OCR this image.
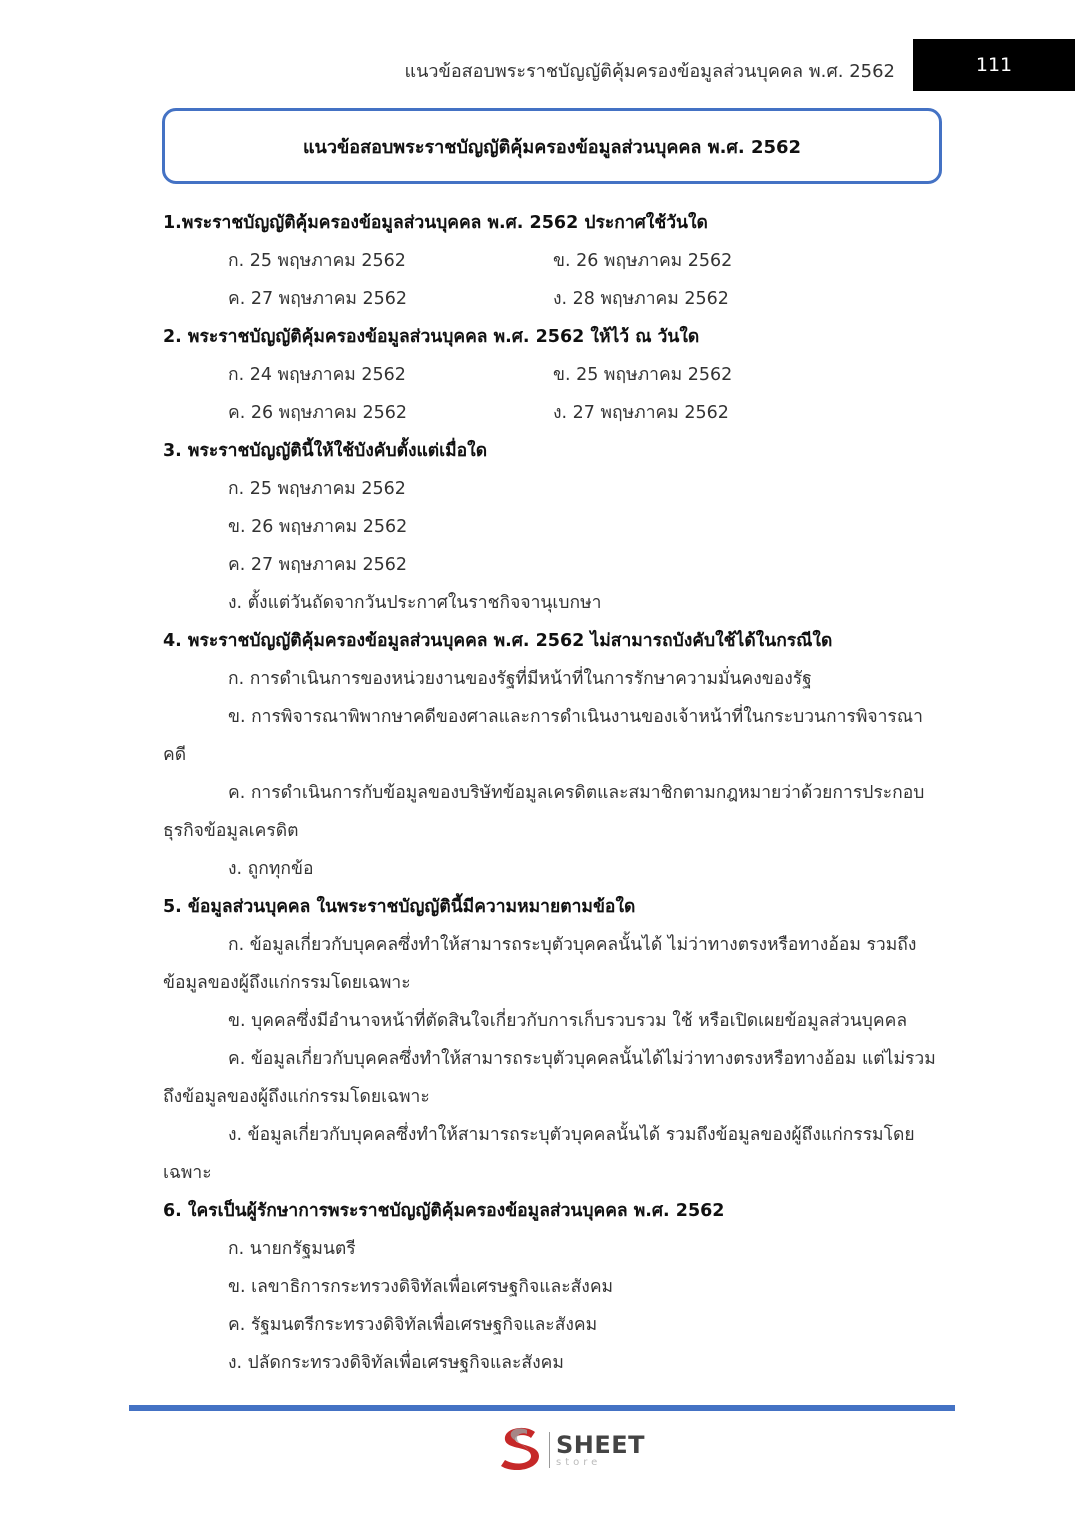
แนวข้อสอบพระราชบัญญัติคุ้มครองข้อมูลส่วนบุคคล พ.ศ. 2562	111
แนวข้อสอบพระราชบัญญัติคุ้มครองข้อมูลส่วนบุคคล พ.ศ. 2562
1.พระราชบัญญัติคุ้มครองข้อมูลส่วนบุคคล พ.ศ. 2562 ประกาศใช้วันใด
ก. 25 พฤษภาคม 2562	ข. 26 พฤษภาคม 2562
ค. 27 พฤษภาคม 2562	ง. 28 พฤษภาคม 2562
2. พระราชบัญญัติคุ้มครองข้อมูลส่วนบุคคล พ.ศ. 2562 ให้ไว้ ณ วันใด
ก. 24 พฤษภาคม 2562	ข. 25 พฤษภาคม 2562
ค. 26 พฤษภาคม 2562	ง. 27 พฤษภาคม 2562
3. พระราชบัญญัตินี้ให้ใช้บังคับตั้งแต่เมื่อใด
ก. 25 พฤษภาคม 2562
ข. 26 พฤษภาคม 2562
ค. 27 พฤษภาคม 2562
ง. ตั้งแต่วันถัดจากวันประกาศในราชกิจจานุเบกษา
4. พระราชบัญญัติคุ้มครองข้อมูลส่วนบุคคล พ.ศ. 2562 ไม่สามารถบังคับใช้ได้ในกรณีใด
ก. การดำเนินการของหน่วยงานของรัฐที่มีหน้าที่ในการรักษาความมั่นคงของรัฐ
ข. การพิจารณาพิพากษาคดีของศาลและการดำเนินงานของเจ้าหน้าที่ในกระบวนการพิจารณาคดี
ค. การดำเนินการกับข้อมูลของบริษัทข้อมูลเครดิตและสมาชิกตามกฎหมายว่าด้วยการประกอบธุรกิจข้อมูลเครดิต
ง. ถูกทุกข้อ
5. ข้อมูลส่วนบุคคล ในพระราชบัญญัตินี้มีความหมายตามข้อใด
ก. ข้อมูลเกี่ยวกับบุคคลซึ่งทำให้สามารถระบุตัวบุคคลนั้นได้ ไม่ว่าทางตรงหรือทางอ้อม รวมถึงข้อมูลของผู้ถึงแก่กรรมโดยเฉพาะ
ข. บุคคลซึ่งมีอำนาจหน้าที่ตัดสินใจเกี่ยวกับการเก็บรวบรวม ใช้ หรือเปิดเผยข้อมูลส่วนบุคคล
ค. ข้อมูลเกี่ยวกับบุคคลซึ่งทำให้สามารถระบุตัวบุคคลนั้นได้ไม่ว่าทางตรงหรือทางอ้อม แต่ไม่รวมถึงข้อมูลของผู้ถึงแก่กรรมโดยเฉพาะ
ง. ข้อมูลเกี่ยวกับบุคคลซึ่งทำให้สามารถระบุตัวบุคคลนั้นได้ รวมถึงข้อมูลของผู้ถึงแก่กรรมโดยเฉพาะ
6. ใครเป็นผู้รักษาการพระราชบัญญัติคุ้มครองข้อมูลส่วนบุคคล พ.ศ. 2562
ก. นายกรัฐมนตรี
ข. เลขาธิการกระทรวงดิจิทัลเพื่อเศรษฐกิจและสังคม
ค. รัฐมนตรีกระทรวงดิจิทัลเพื่อเศรษฐกิจและสังคม
ง. ปลัดกระทรวงดิจิทัลเพื่อเศรษฐกิจและสังคม
SHEET
store
